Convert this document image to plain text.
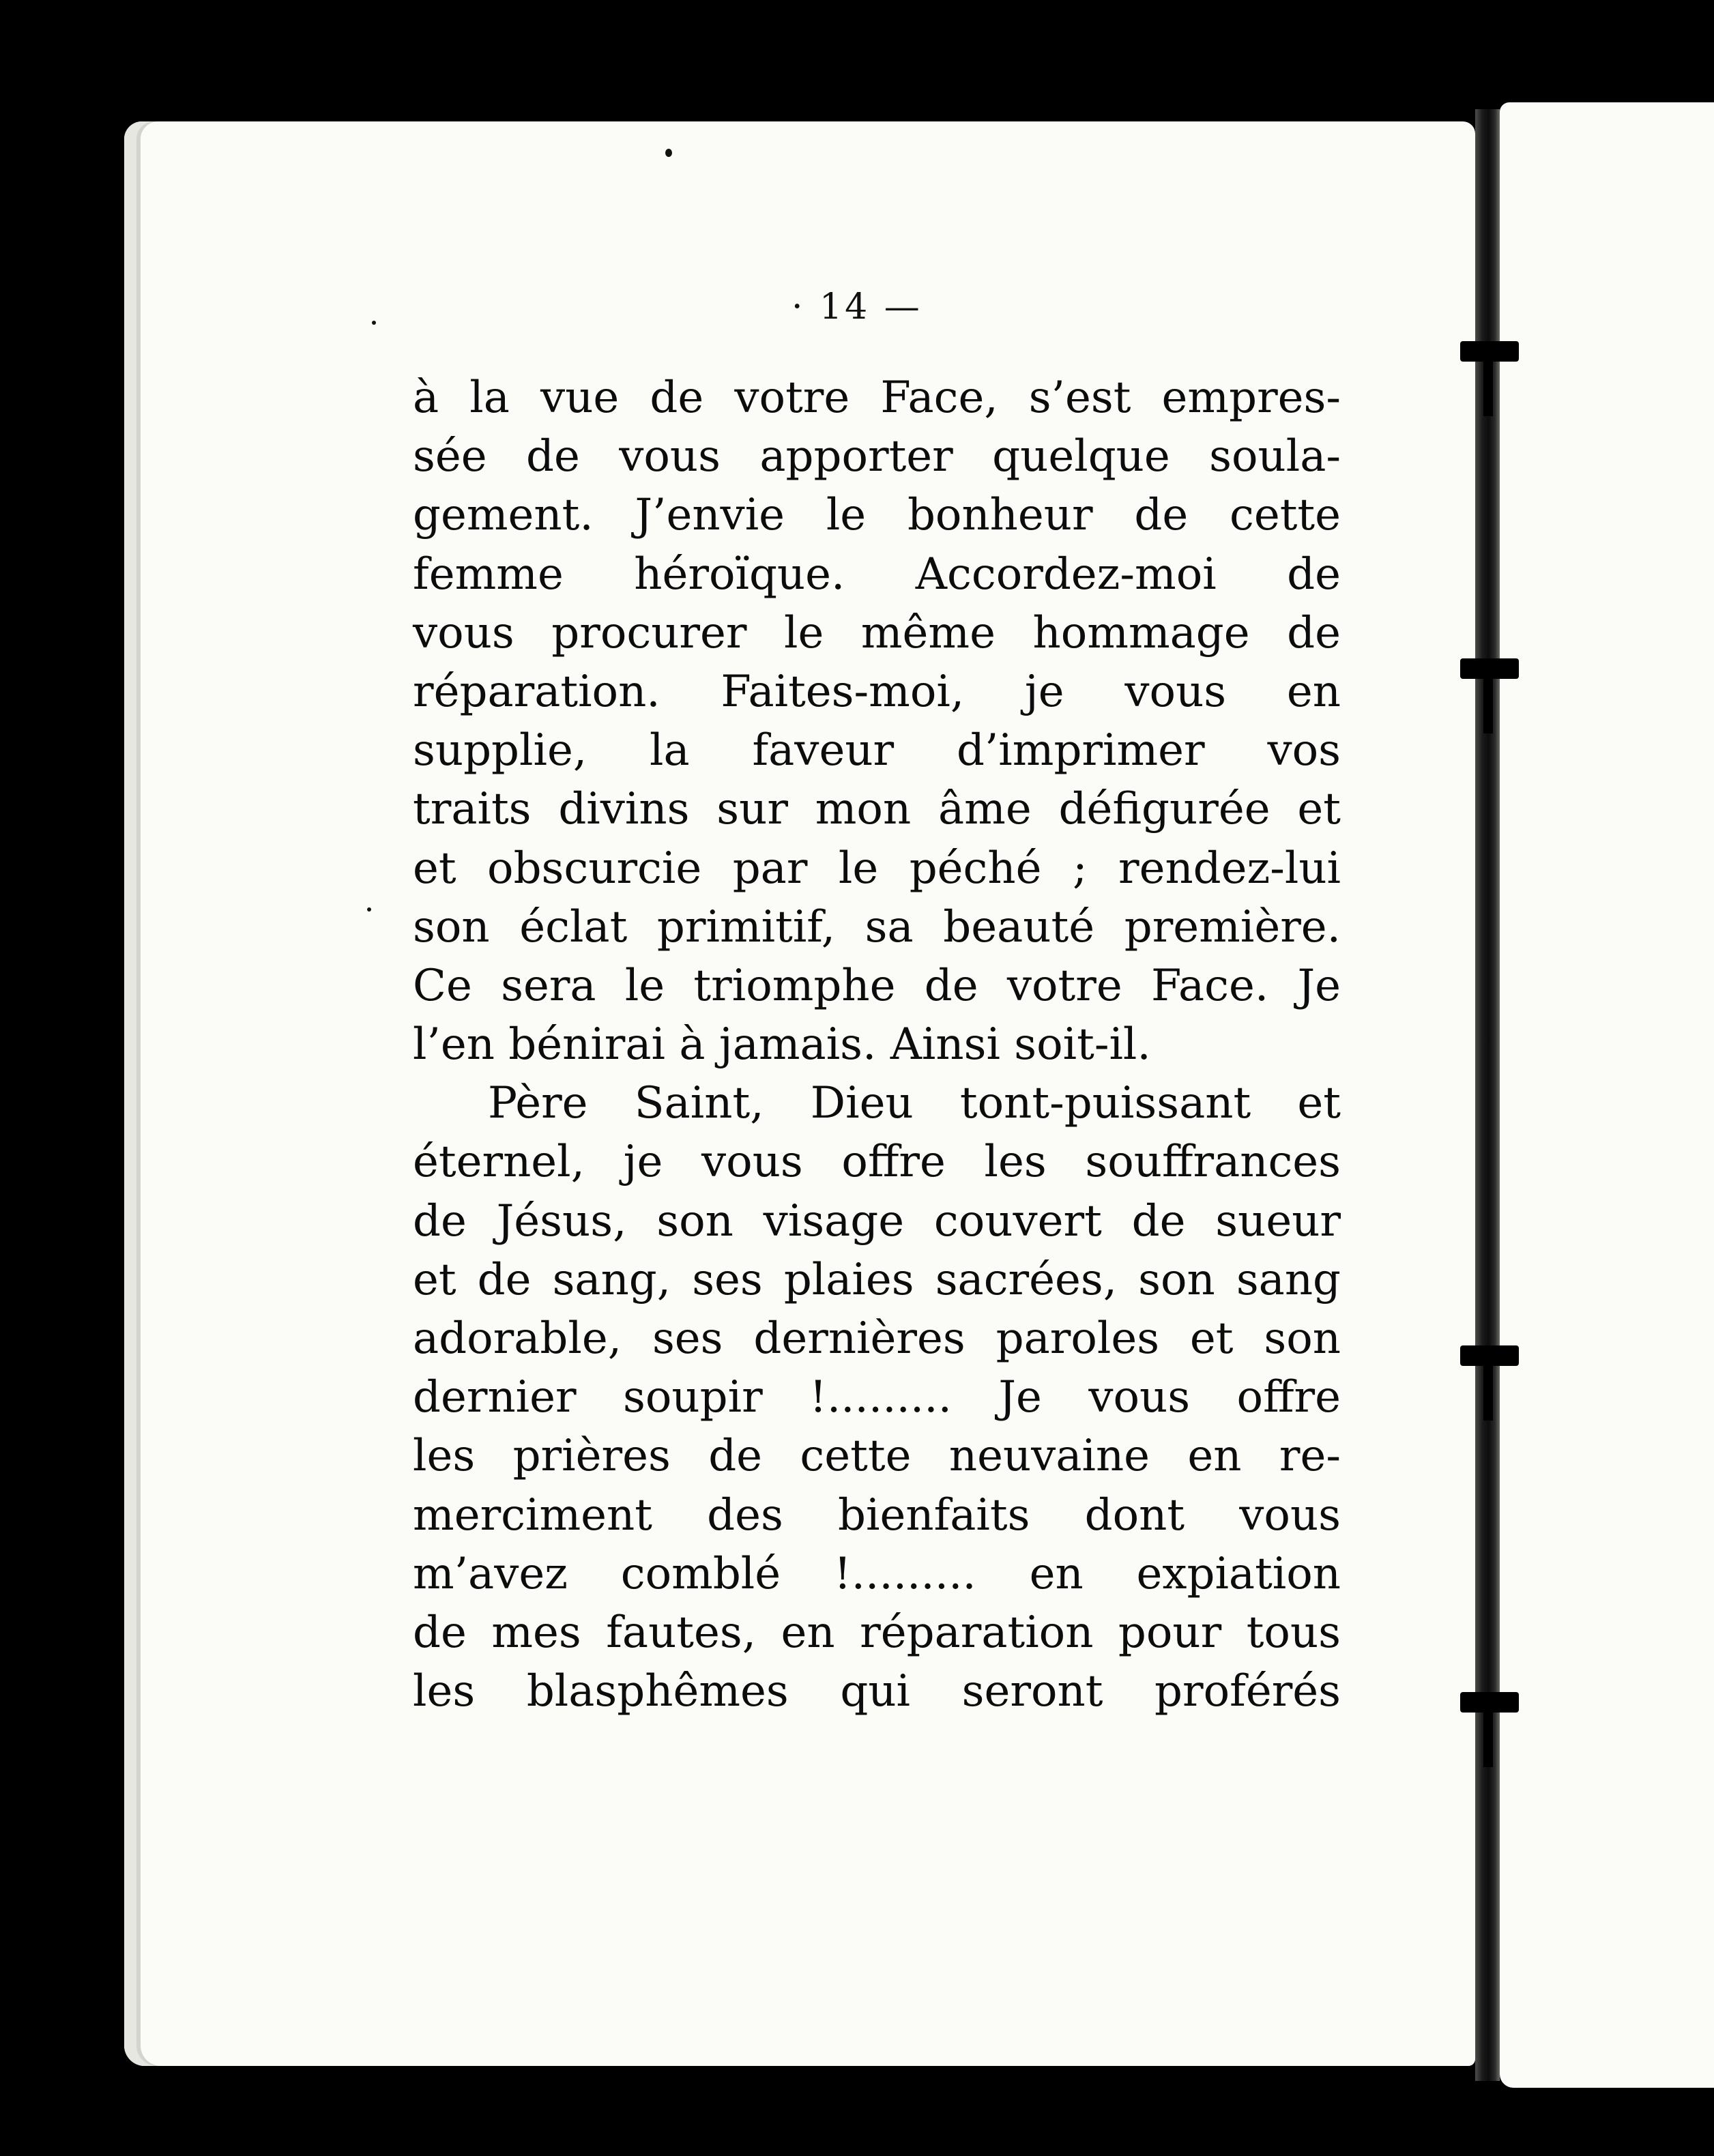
· 14 —
à la vue de votre Face, s’est empres-
sée de vous apporter quelque soula-
gement. J’envie le bonheur de cette
femme héroïque. Accordez-moi de
vous procurer le même hommage de
réparation. Faites-moi, je vous en
supplie, la faveur d’imprimer vos
traits divins sur mon âme défigurée et
et obscurcie par le péché ; rendez-lui
son éclat primitif, sa beauté première.
Ce sera le triomphe de votre Face. Je
l’en bénirai à jamais. Ainsi soit-il.
Père Saint, Dieu tont-puissant et
éternel, je vous offre les souffrances
de Jésus, son visage couvert de sueur
et de sang, ses plaies sacrées, son sang
adorable, ses dernières paroles et son
dernier soupir !......... Je vous offre
les prières de cette neuvaine en re-
merciment des bienfaits dont vous
m’avez comblé !......... en expiation
de mes fautes, en réparation pour tous
les blasphêmes qui seront proférés
